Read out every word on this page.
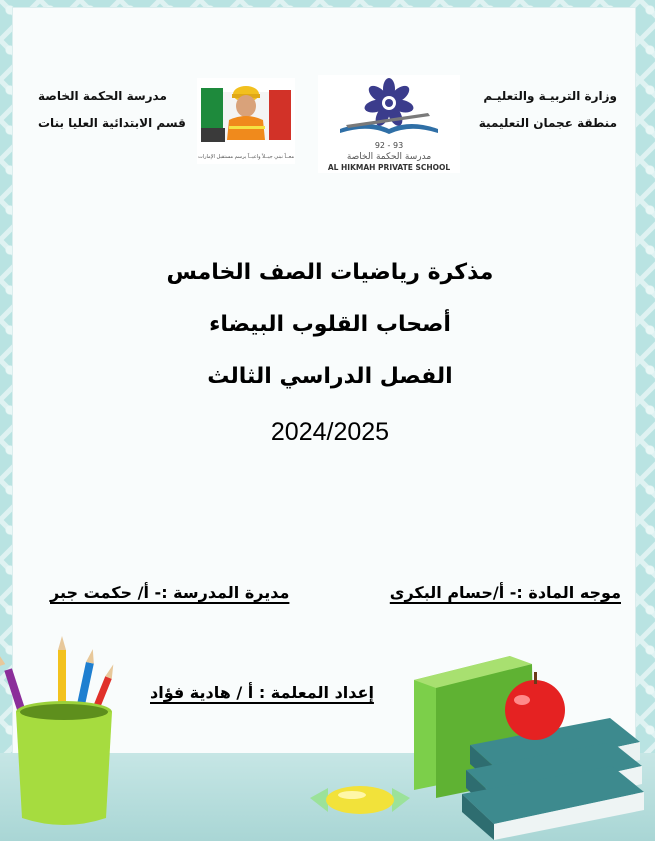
وزارة التربيـة والتعليـم
منطقة عجمان التعليمية
مدرسة الحكمة الخاصة
قسم الابتدائية العليا بنات
92 - 93
مدرسة الحكمة الخاصة
AL HIKMAH PRIVATE SCHOOL
معــاً نبني جيــلاً واعيــاً يرسم مستقبل الإمارات
مذكرة رياضيات الصف الخامس
أصحاب القلوب البيضاء
الفصل الدراسي الثالث
2024/2025
موجه المادة :- أ/حسام البكرى
مديرة المدرسة :- أ/ حكمت جبر
إعداد المعلمة : أ / هادية فؤاد
